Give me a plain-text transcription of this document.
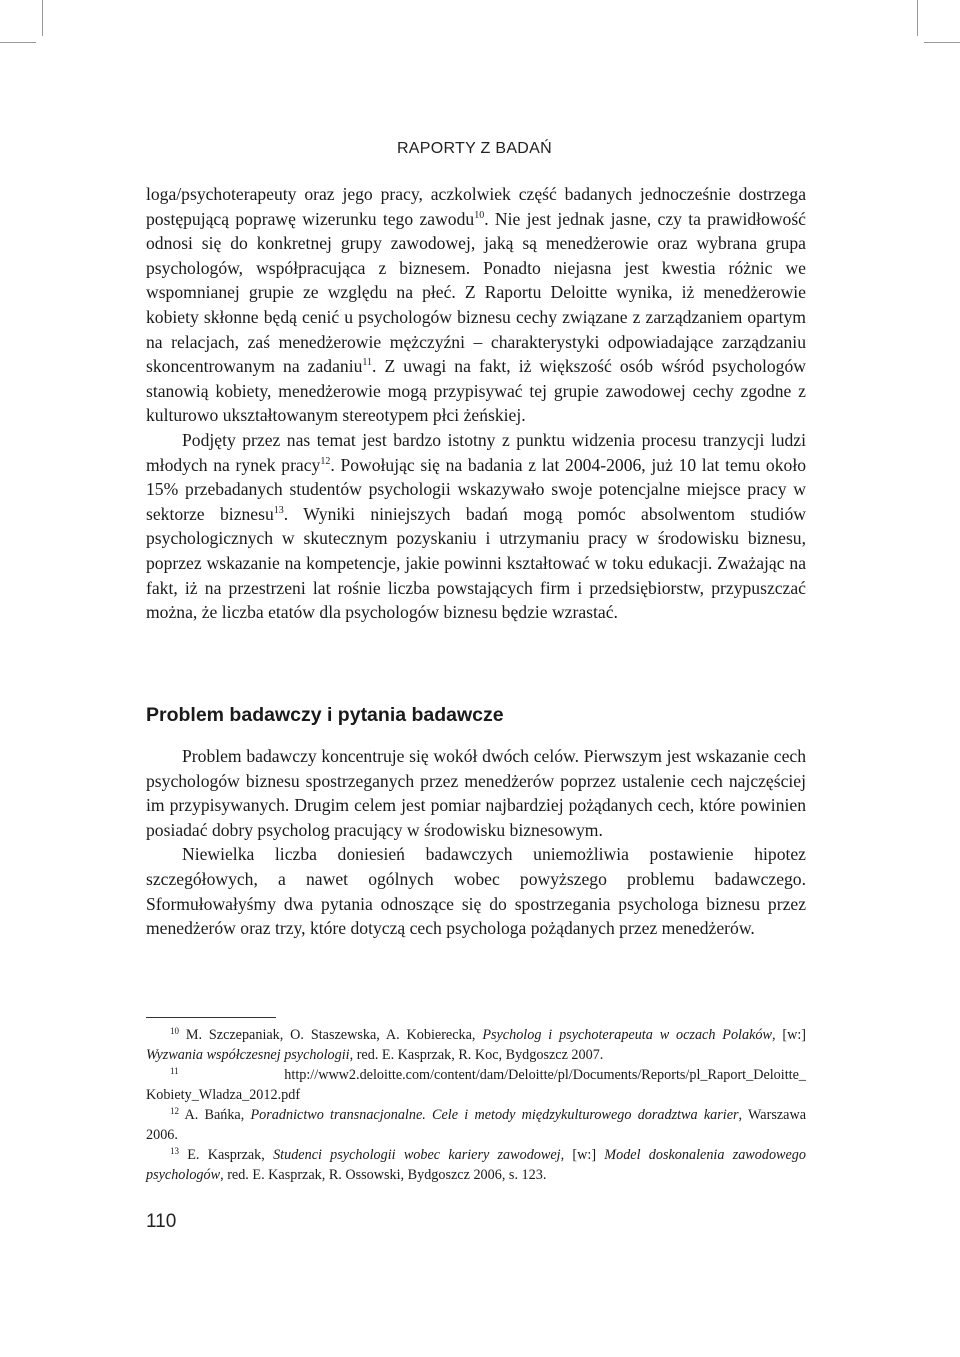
RAPORTY Z BADAŃ

loga/psychoterapeuty oraz jego pracy, aczkolwiek część badanych jednocześnie dostrzega postępującą poprawę wizerunku tego zawodu$^{10}$. Nie jest jednak jasne, czy ta prawidłowość odnosi się do konkretnej grupy zawodowej, jaką są menedżerowie oraz wybrana grupa psychologów, współpracująca z biznesem. Ponadto niejasna jest kwestia różnic we wspomnianej grupie ze względu na płeć. Z Raportu Deloitte wynika, iż menedżerowie kobiety skłonne będą cenić u psychologów biznesu cechy związane z zarządzaniem opartym na relacjach, zaś menedżerowie mężczyźni – charakterystyki odpowiadające zarządzaniu skoncentrowanym na zadaniu$^{11}$. Z uwagi na fakt, iż większość osób wśród psychologów stanowią kobiety, menedżerowie mogą przypisywać tej grupie zawodowej cechy zgodne z kulturowo ukształtowanym stereotypem płci żeńskiej.

Podjęty przez nas temat jest bardzo istotny z punktu widzenia procesu tranzycji ludzi młodych na rynek pracy$^{12}$. Powołując się na badania z lat 2004-2006, już 10 lat temu około 15% przebadanych studentów psychologii wskazywało swoje potencjalne miejsce pracy w sektorze biznesu$^{13}$. Wyniki niniejszych badań mogą pomóc absolwentom studiów psychologicznych w skutecznym pozyskaniu i utrzymaniu pracy w środowisku biznesu, poprzez wskazanie na kompetencje, jakie powinni kształtować w toku edukacji. Zważając na fakt, iż na przestrzeni lat rośnie liczba powstających firm i przedsiębiorstw, przypuszczać można, że liczba etatów dla psychologów biznesu będzie wzrastać.

Problem badawczy i pytania badawcze

Problem badawczy koncentruje się wokół dwóch celów. Pierwszym jest wskazanie cech psychologów biznesu spostrzeganych przez menedżerów poprzez ustalenie cech najczęściej im przypisywanych. Drugim celem jest pomiar najbardziej pożądanych cech, które powinien posiadać dobry psycholog pracujący w środowisku biznesowym.

Niewielka liczba doniesień badawczych uniemożliwia postawienie hipotez szczegółowych, a nawet ogólnych wobec powyższego problemu badawczego. Sformułowałyśmy dwa pytania odnoszące się do spostrzegania psychologa biznesu przez menedżerów oraz trzy, które dotyczą cech psychologa pożądanych przez menedżerów.

$^{10}$ M. Szczepaniak, O. Staszewska, A. Kobierecka, Psycholog i psychoterapeuta w oczach Polaków, [w:] Wyzwania współczesnej psychologii, red. E. Kasprzak, R. Koc, Bydgoszcz 2007.

$^{11}$ http://www2.deloitte.com/content/dam/Deloitte/pl/Documents/Reports/pl_Raport_Deloitte_ Kobiety_Wladza_2012.pdf

$^{12}$ A. Bańka, Poradnictwo transnacjonalne. Cele i metody międzykulturowego doradztwa karier, Warszawa 2006.

$^{13}$ E. Kasprzak, Studenci psychologii wobec kariery zawodowej, [w:] Model doskonalenia zawodowego psychologów, red. E. Kasprzak, R. Ossowski, Bydgoszcz 2006, s. 123.

110
